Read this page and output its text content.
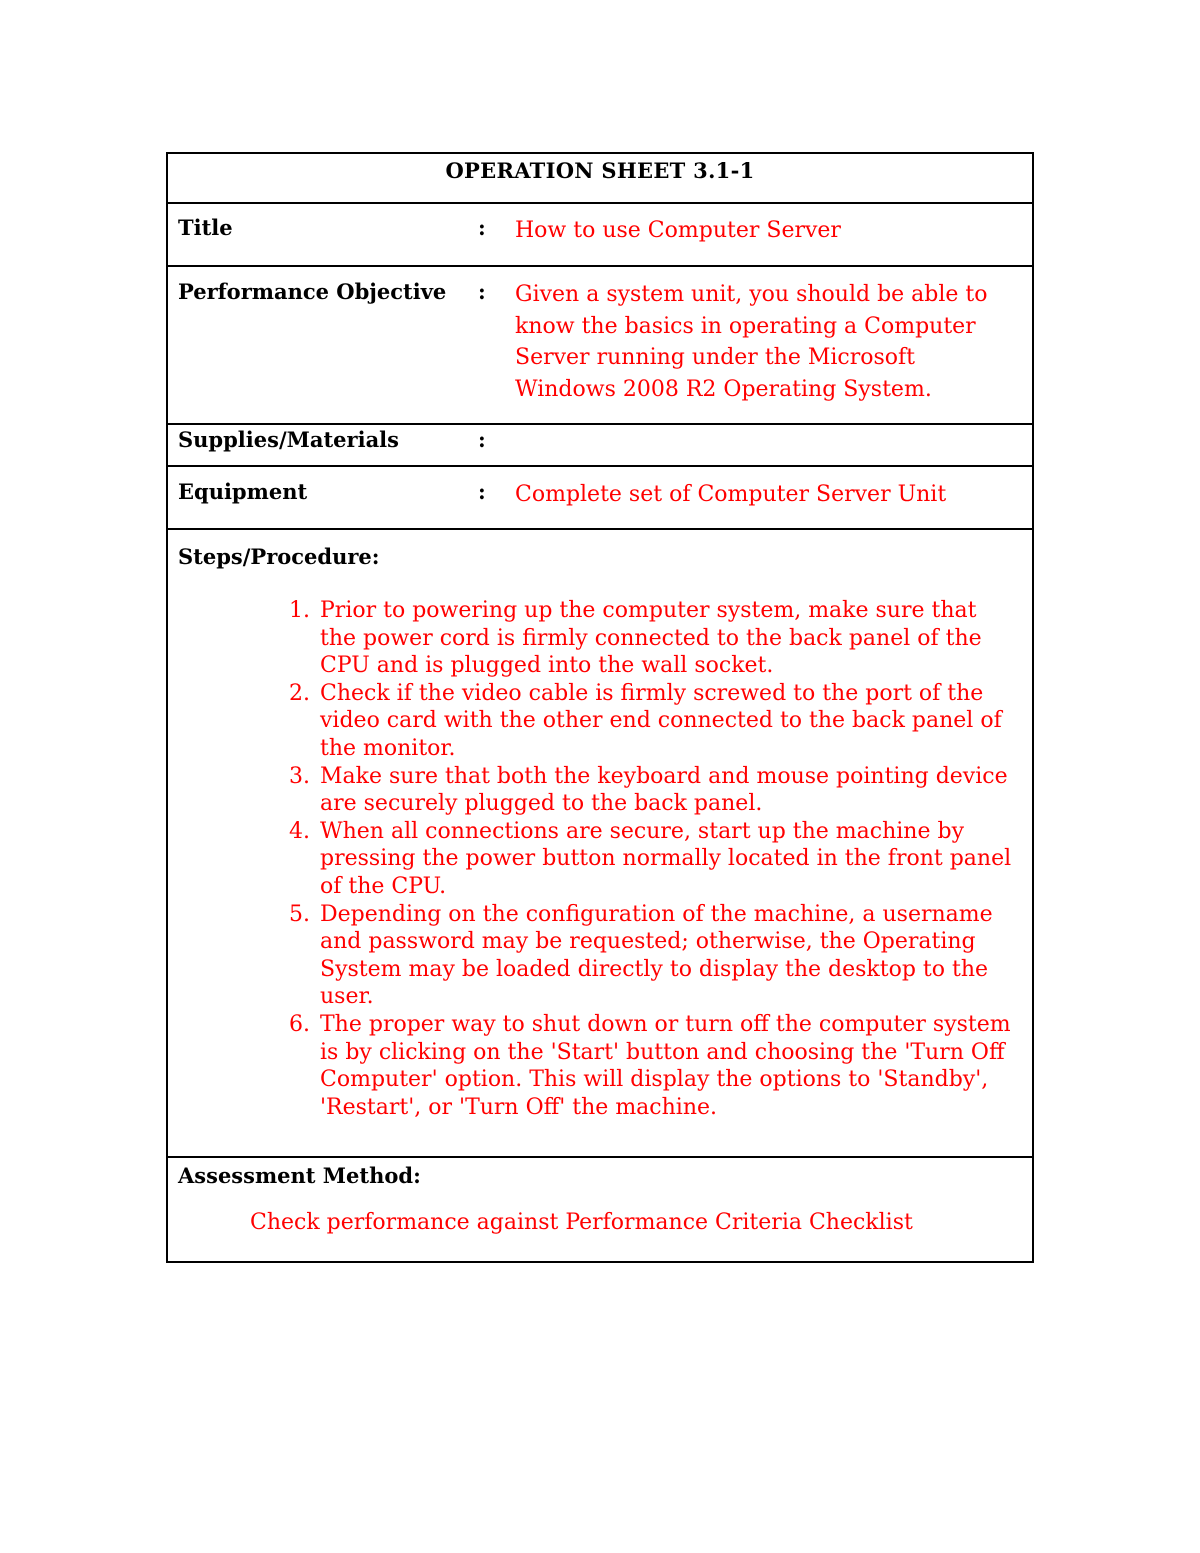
OPERATION SHEET 3.1-1

Title	:	How to use Computer Server

Performance Objective	:	Given a system unit, you should be able to know the basics in operating a Computer Server running under the Microsoft Windows 2008 R2 Operating System.

Supplies/Materials	:

Equipment	:	Complete set of Computer Server Unit

Steps/Procedure:
1. Prior to powering up the computer system, make sure that the power cord is firmly connected to the back panel of the CPU and is plugged into the wall socket.
2. Check if the video cable is firmly screwed to the port of the video card with the other end connected to the back panel of the monitor.
3. Make sure that both the keyboard and mouse pointing device are securely plugged to the back panel.
4. When all connections are secure, start up the machine by pressing the power button normally located in the front panel of the CPU.
5. Depending on the configuration of the machine, a username and password may be requested; otherwise, the Operating System may be loaded directly to display the desktop to the user.
6. The proper way to shut down or turn off the computer system is by clicking on the 'Start' button and choosing the 'Turn Off Computer' option. This will display the options to 'Standby', 'Restart', or 'Turn Off' the machine.

Assessment Method:
Check performance against Performance Criteria Checklist
